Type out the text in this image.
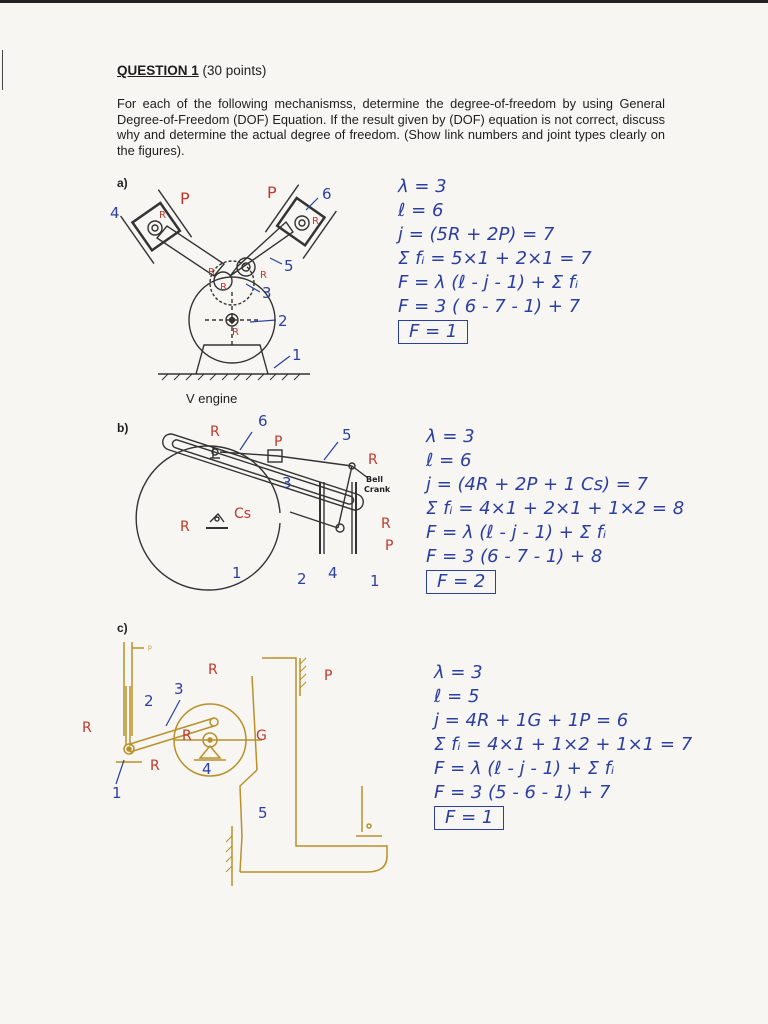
QUESTION 1 (30 points)
For each of the following mechanismss, determine the degree-of-freedom by using General Degree-of-Freedom (DOF) Equation. If the result given by (DOF) equation is not correct, discuss why and determine the actual degree of freedom. (Show link numbers and joint types clearly on the figures).
a)
R
R
R
R
R
R
P	P
4
6
5
3
2
1
V engine
λ = 3
ℓ = 6
j = (5R + 2P) = 7
Σ fᵢ = 5×1 + 2×1 = 7
F = λ (ℓ - j - 1) + Σ fᵢ
F = 3 ( 6 - 7 - 1) + 7
F = 1
b)
Bell
Crank
R
P
R
Cs
R	R
P
6
5
3
1	2 4 1
λ = 3
ℓ = 6
j = (4R + 2P + 1 Cs) = 7
Σ fᵢ = 4×1 + 2×1 + 1×2 = 8
F = λ (ℓ - j - 1) + Σ fᵢ
F = 3 (6 - 7 - 1) + 8
F = 2
c)
p
R	P
R	G
R
R
2
3
4
1
5
λ = 3
ℓ = 5
j = 4R + 1G + 1P = 6
Σ fᵢ = 4×1 + 1×2 + 1×1 = 7
F = λ (ℓ - j - 1) + Σ fᵢ
F = 3 (5 - 6 - 1) + 7
F = 1
